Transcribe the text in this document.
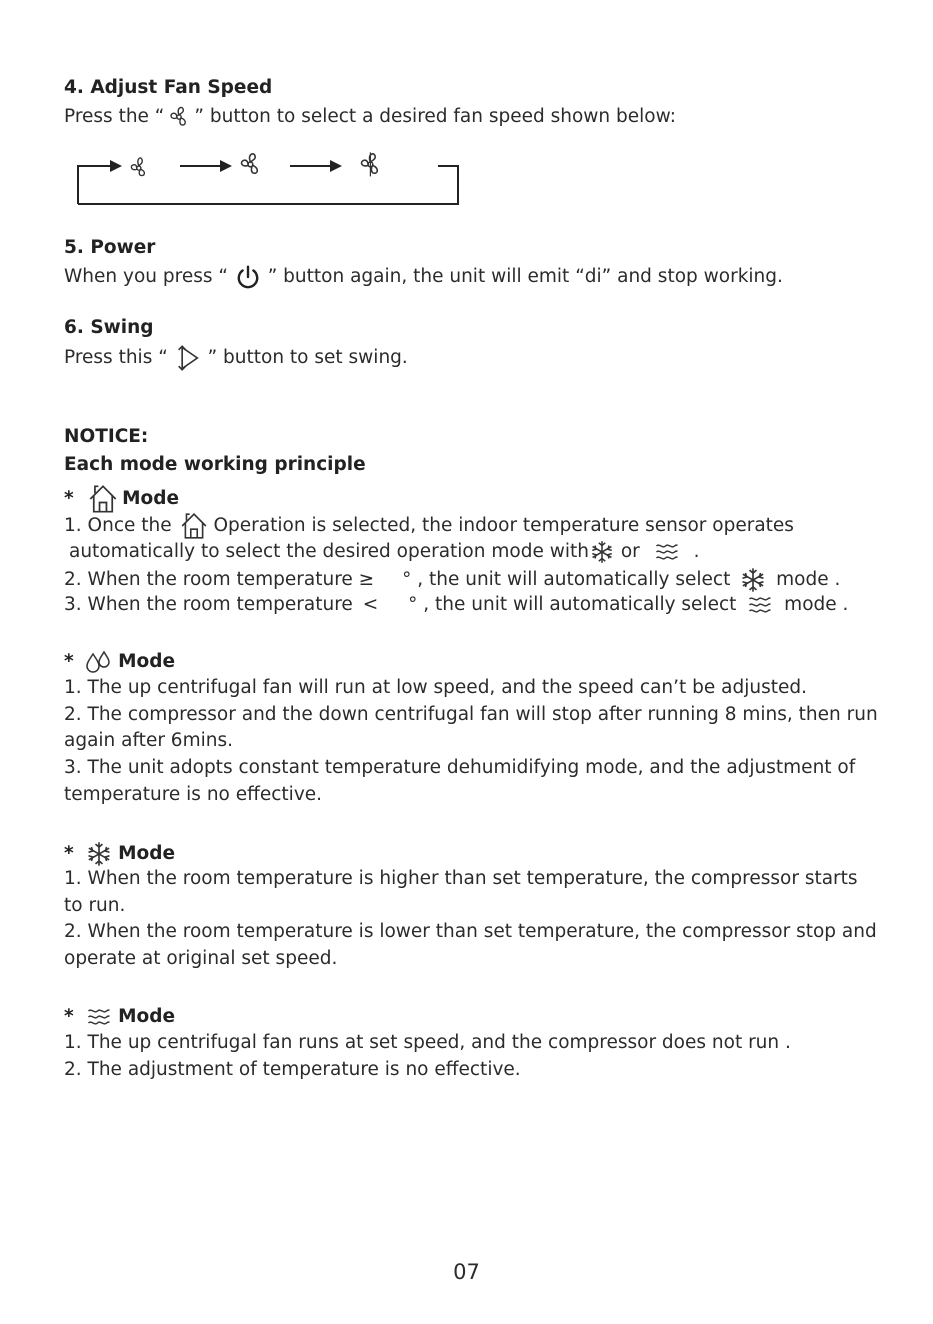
4. Adjust Fan Speed
Press the “ ” button to select a desired fan speed shown below:
5. Power
When you press “  ” button again, the unit will emit “di” and stop working.
6. Swing
Press this “  ” button to set swing.
NOTICE:
Each mode working principle
*	Mode
1. Once the Operation is selected, the indoor temperature sensor operates
automatically to select the desired operation mode with or	.
2. When the room temperature ≥ ° , the unit will automatically select mode .
3. When the room temperature < ° , the unit will automatically select	mode .
* Mode
1. The up centrifugal fan will run at low speed, and the speed can’t be adjusted.
2. The compressor and the down centrifugal fan will stop after running 8 mins, then run
again after 6mins.
3. The unit adopts constant temperature dehumidifying mode, and the adjustment of
temperature is no effective.
* Mode
1. When the room temperature is higher than set temperature, the compressor starts
to run.
2. When the room temperature is lower than set temperature, the compressor stop and
operate at original set speed.
* Mode
1. The up centrifugal fan runs at set speed, and the compressor does not run .
2. The adjustment of temperature is no effective.
07
